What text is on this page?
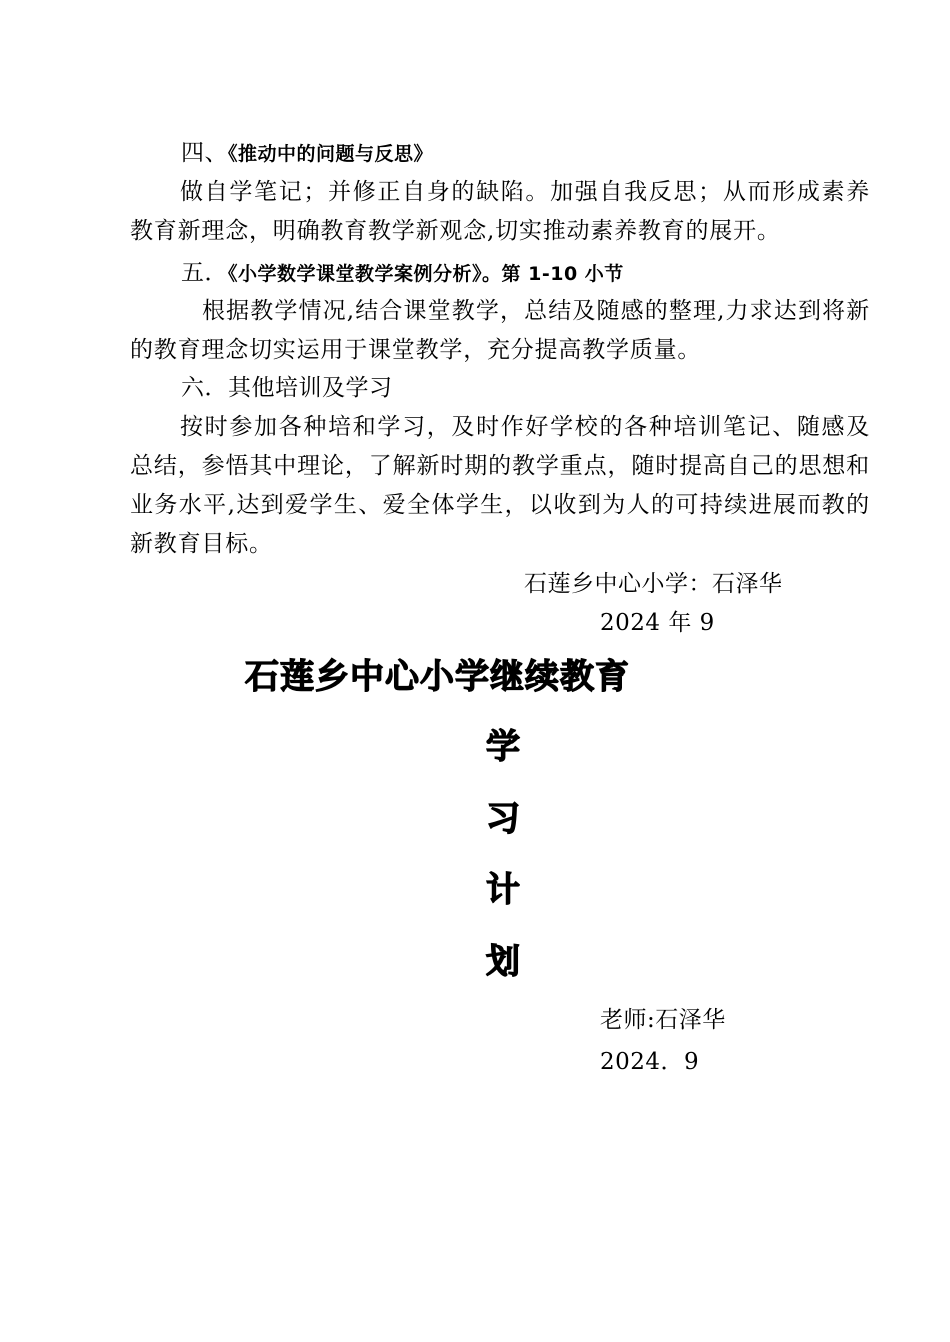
四、《推动中的问题与反思》
做自学笔记；并修正自身的缺陷。加强自我反思；从而形成素养教育新理念，明确教育教学新观念,切实推动素养教育的展开。
五．《小学数学课堂教学案例分析》。第 1-10 小节
根据教学情况,结合课堂教学，总结及随感的整理,力求达到将新的教育理念切实运用于课堂教学，充分提高教学质量。
六．其他培训及学习
按时参加各种培和学习，及时作好学校的各种培训笔记、随感及总结，参悟其中理论，了解新时期的教学重点，随时提高自己的思想和业务水平,达到爱学生、爱全体学生，以收到为人的可持续进展而教的新教育目标。
石莲乡中心小学：石泽华
2024 年 9
石莲乡中心小学继续教育
学
习
计
划
老师:石泽华
2024．9
